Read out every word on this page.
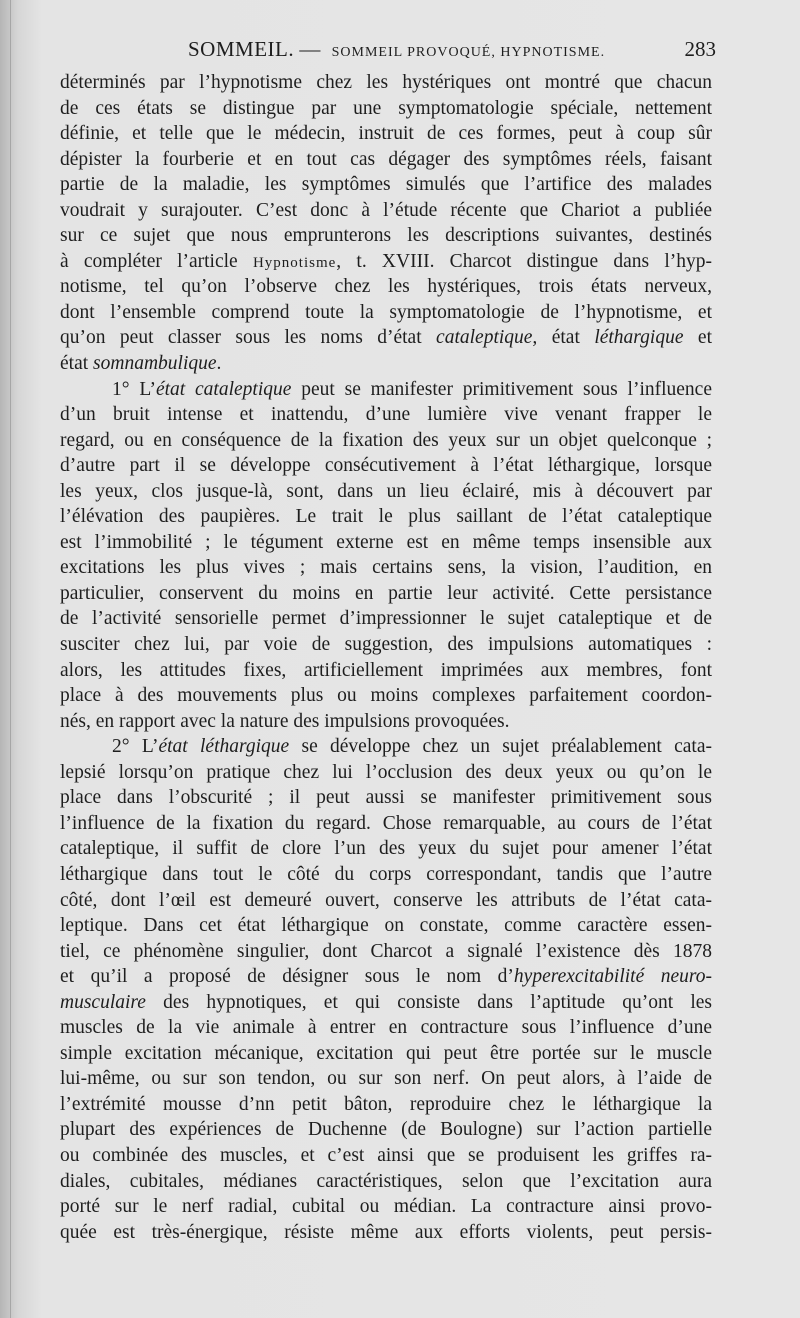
SOMMEIL. — SOMMEIL PROVOQUÉ, HYPNOTISME.	283
déterminés par l’hypnotisme chez les hystériques ont montré que chacun
de ces états se distingue par une symptomatologie spéciale, nettement
définie, et telle que le médecin, instruit de ces formes, peut à coup sûr
dépister la fourberie et en tout cas dégager des symptômes réels, faisant
partie de la maladie, les symptômes simulés que l’artifice des malades
voudrait y surajouter. C’est donc à l’étude récente que Chariot a publiée
sur ce sujet que nous emprunterons les descriptions suivantes, destinés
à compléter l’article Hypnotisme, t. XVIII. Charcot distingue dans l’hyp-
notisme, tel qu’on l’observe chez les hystériques, trois états nerveux,
dont l’ensemble comprend toute la symptomatologie de l’hypnotisme, et
qu’on peut classer sous les noms d’état cataleptique, état léthargique et
état somnambulique.
1° L’état cataleptique peut se manifester primitivement sous l’influence
d’un bruit intense et inattendu, d’une lumière vive venant frapper le
regard, ou en conséquence de la fixation des yeux sur un objet quelconque ;
d’autre part il se développe consécutivement à l’état léthargique, lorsque
les yeux, clos jusque-là, sont, dans un lieu éclairé, mis à découvert par
l’élévation des paupières. Le trait le plus saillant de l’état cataleptique
est l’immobilité ; le tégument externe est en même temps insensible aux
excitations les plus vives ; mais certains sens, la vision, l’audition, en
particulier, conservent du moins en partie leur activité. Cette persistance
de l’activité sensorielle permet d’impressionner le sujet cataleptique et de
susciter chez lui, par voie de suggestion, des impulsions automatiques :
alors, les attitudes fixes, artificiellement imprimées aux membres, font
place à des mouvements plus ou moins complexes parfaitement coordon-
nés, en rapport avec la nature des impulsions provoquées.
2° L’état léthargique se développe chez un sujet préalablement cata-
lepsié lorsqu’on pratique chez lui l’occlusion des deux yeux ou qu’on le
place dans l’obscurité ; il peut aussi se manifester primitivement sous
l’influence de la fixation du regard. Chose remarquable, au cours de l’état
cataleptique, il suffit de clore l’un des yeux du sujet pour amener l’état
léthargique dans tout le côté du corps correspondant, tandis que l’autre
côté, dont l’œil est demeuré ouvert, conserve les attributs de l’état cata-
leptique. Dans cet état léthargique on constate, comme caractère essen-
tiel, ce phénomène singulier, dont Charcot a signalé l’existence dès 1878
et qu’il a proposé de désigner sous le nom d’hyperexcitabilité neuro-
musculaire des hypnotiques, et qui consiste dans l’aptitude qu’ont les
muscles de la vie animale à entrer en contracture sous l’influence d’une
simple excitation mécanique, excitation qui peut être portée sur le muscle
lui-même, ou sur son tendon, ou sur son nerf. On peut alors, à l’aide de
l’extrémité mousse d’nn petit bâton, reproduire chez le léthargique la
plupart des expériences de Duchenne (de Boulogne) sur l’action partielle
ou combinée des muscles, et c’est ainsi que se produisent les griffes ra-
diales, cubitales, médianes caractéristiques, selon que l’excitation aura
porté sur le nerf radial, cubital ou médian. La contracture ainsi provo-
quée est très-énergique, résiste même aux efforts violents, peut persis-
